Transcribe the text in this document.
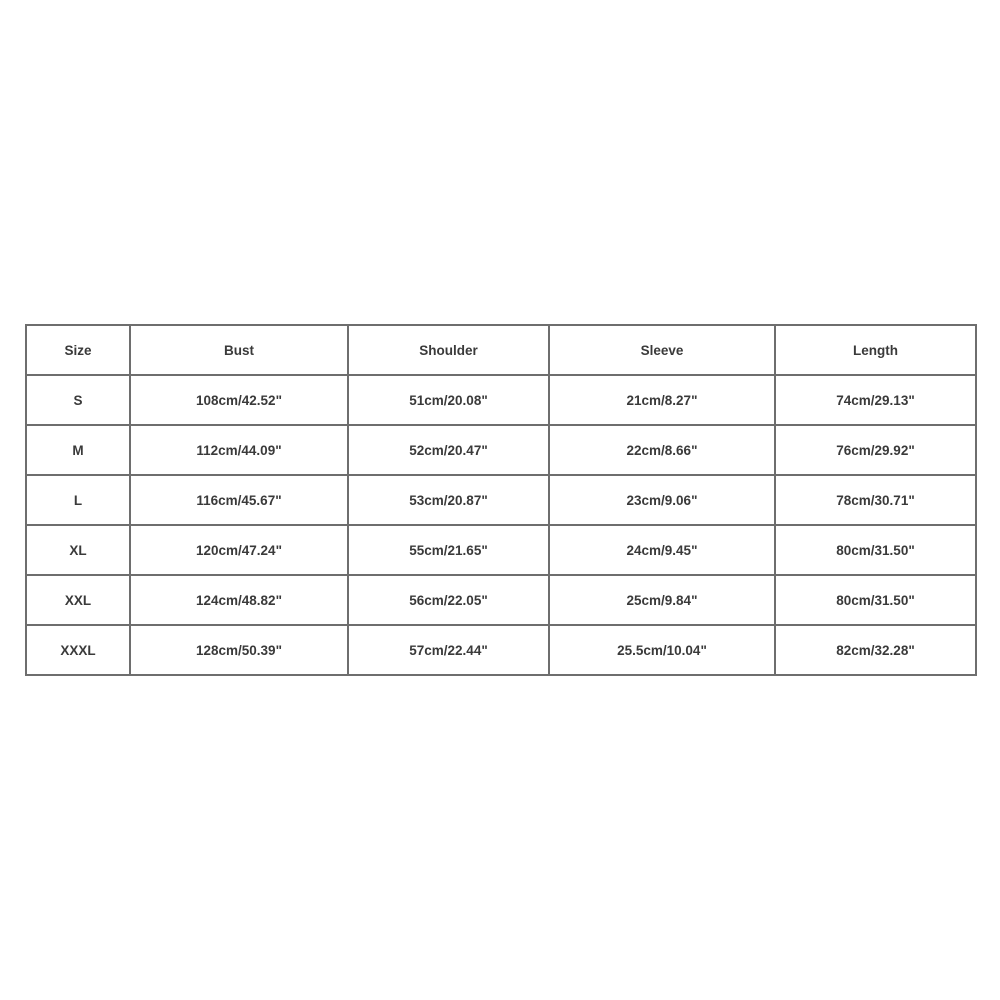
Size	Bust	Shoulder	Sleeve	Length
S	108cm/42.52"	51cm/20.08"	21cm/8.27"	74cm/29.13"
M	112cm/44.09"	52cm/20.47"	22cm/8.66"	76cm/29.92"
L	116cm/45.67"	53cm/20.87"	23cm/9.06"	78cm/30.71"
XL	120cm/47.24"	55cm/21.65"	24cm/9.45"	80cm/31.50"
XXL	124cm/48.82"	56cm/22.05"	25cm/9.84"	80cm/31.50"
XXXL	128cm/50.39"	57cm/22.44"	25.5cm/10.04"	82cm/32.28"
